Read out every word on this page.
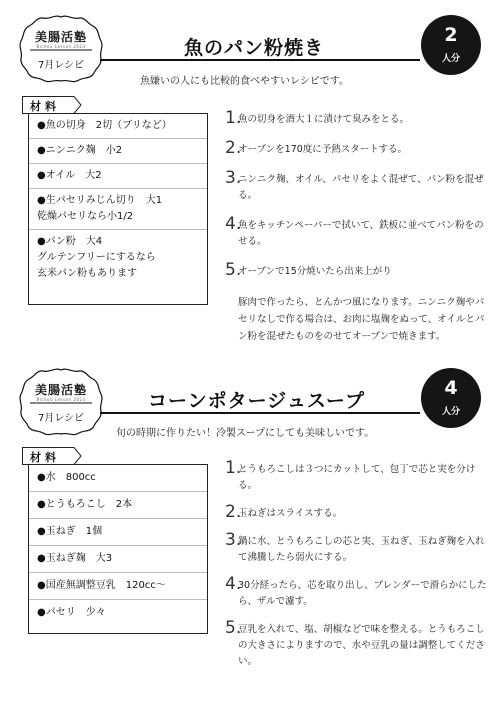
美腸活塾
Bichou Lesson 2023
7月レシピ
魚のパン粉焼き
2
人分

魚嫌いの人にも比較的食べやすいレシピです。

材料
●魚の切身　2切（ブリなど）
●ニンニク麹　小2
●オイル　大2
●生パセリみじん切り　大1
乾燥パセリなら小1/2
●パン粉　大4
グルテンフリーにするなら
玄米パン粉もあります
1.
魚の切身を酒大１に漬けて臭みをとる。
2.
オーブンを170度に予熱スタートする。
3.
ニンニク麹、オイル、パセリをよく混ぜて、パン粉を混ぜる。
4.
魚をキッチンペーパーで拭いて、鉄板に並べてパン粉をのせる。
5.
オーブンで15分焼いたら出来上がり

豚肉で作ったら、とんかつ風になります。ニンニク麹やパセリなしで作る場合は、お肉に塩麹をぬって、オイルとパン粉を混ぜたものをのせてオーブンで焼きます。

美腸活塾
Bichou Lesson 2023
7月レシピ
コーンポタージュスープ
4
人分

旬の時期に作りたい！冷製スープにしても美味しいです。

材料
●水　800cc
●とうもろこし　2本
●玉ねぎ　1個
●玉ねぎ麹　大3
●国産無調整豆乳　120cc～
●パセリ　少々
1.
とうもろこしは３つにカットして、包丁で芯と実を分ける。
2.
玉ねぎはスライスする。
3.
鍋に水、とうもろこしの芯と実、玉ねぎ、玉ねぎ麹を入れて沸騰したら弱火にする。
4.
30分経ったら、芯を取り出し、ブレンダーで滑らかにしたら、ザルで濾す。
5.
豆乳を入れて、塩、胡椒などで味を整える。とうもろこしの大きさによりますので、水や豆乳の量は調整してください。
